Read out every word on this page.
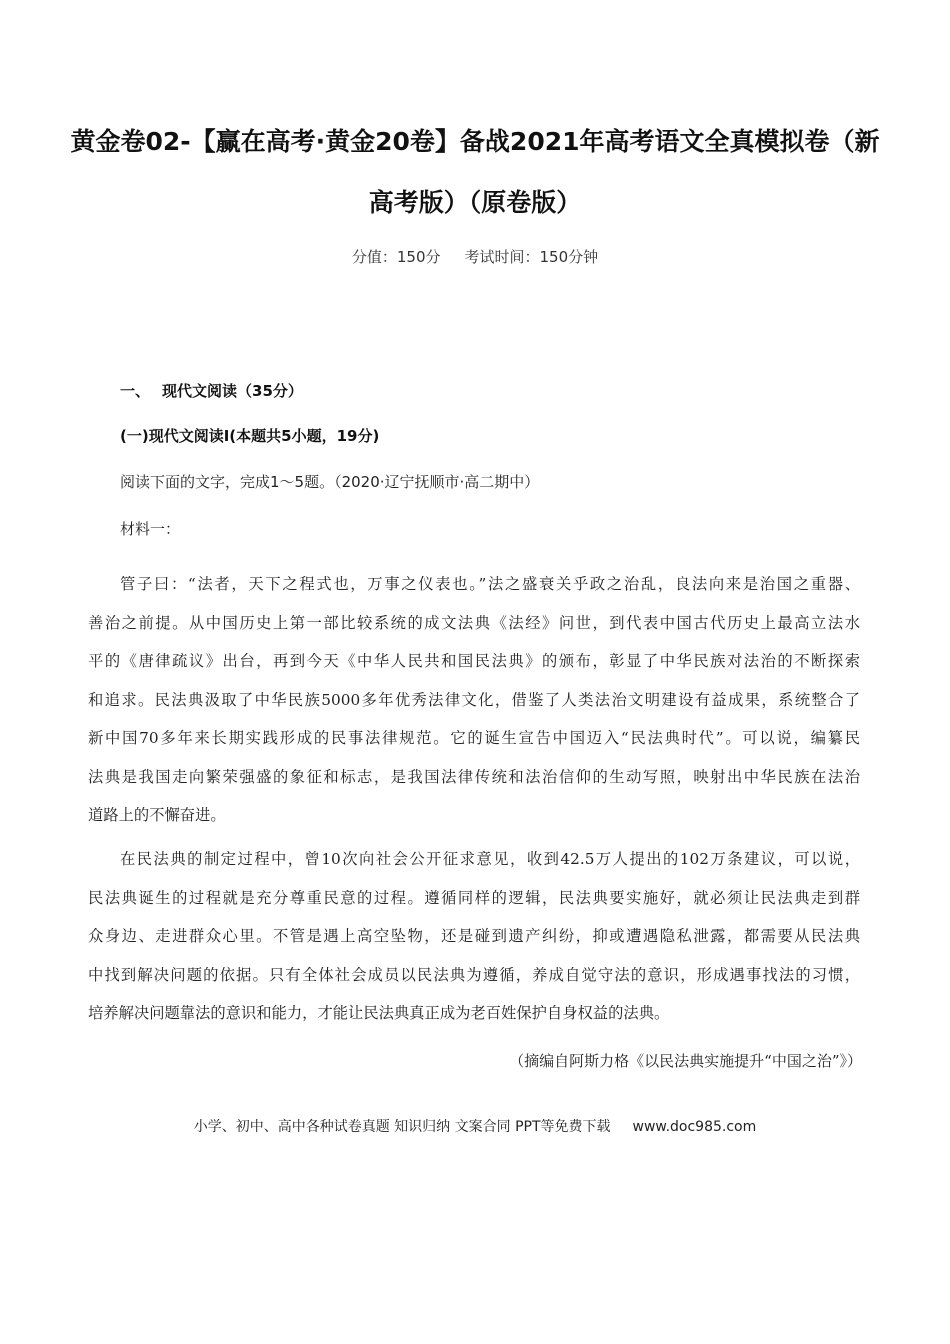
黄金卷02-【赢在高考·黄金20卷】备战2021年高考语文全真模拟卷（新
高考版）（原卷版）
分值：150分 考试时间：150分钟
一、 现代文阅读（35分）
(一)现代文阅读Ⅰ(本题共5小题，19分)
阅读下面的文字，完成1～5题。（2020·辽宁抚顺市·高二期中）
材料一：
管子曰：“法者，天下之程式也，万事之仪表也。”法之盛衰关乎政之治乱，良法向来是治国之重器、
善治之前提。从中国历史上第一部比较系统的成文法典《法经》问世，到代表中国古代历史上最高立法水
平的《唐律疏议》出台，再到今天《中华人民共和国民法典》的颁布，彰显了中华民族对法治的不断探索
和追求。民法典汲取了中华民族5000多年优秀法律文化，借鉴了人类法治文明建设有益成果，系统整合了
新中国70多年来长期实践形成的民事法律规范。它的诞生宣告中国迈入“民法典时代”。可以说，编纂民
法典是我国走向繁荣强盛的象征和标志，是我国法律传统和法治信仰的生动写照，映射出中华民族在法治
道路上的不懈奋进。
在民法典的制定过程中，曾10次向社会公开征求意见，收到42.5万人提出的102万条建议，可以说，
民法典诞生的过程就是充分尊重民意的过程。遵循同样的逻辑，民法典要实施好，就必须让民法典走到群
众身边、走进群众心里。不管是遇上高空坠物，还是碰到遗产纠纷，抑或遭遇隐私泄露，都需要从民法典
中找到解决问题的依据。只有全体社会成员以民法典为遵循，养成自觉守法的意识，形成遇事找法的习惯，
培养解决问题靠法的意识和能力，才能让民法典真正成为老百姓保护自身权益的法典。
（摘编自阿斯力格《以民法典实施提升“中国之治”》）
小学、初中、高中各种试卷真题 知识归纳 文案合同 PPT等免费下载 www.doc985.com
